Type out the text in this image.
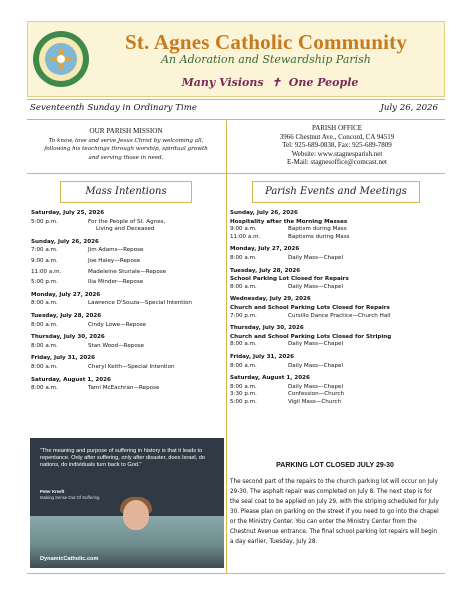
St. Agnes Catholic Community
An Adoration and Stewardship Parish
Many Visions ✝ One People
Seventeenth Sunday in Ordinary Time	July 26, 2026
OUR PARISH MISSION
To know, love and serve Jesus Christ by welcoming all, following his teachings through worship, spiritual growth and serving those in need.
PARISH OFFICE
3966 Chestnut Ave., Concord, CA 94519
Tel: 925-689-0838, Fax: 925-689-7809
Website: www.stagnesparish.net
E-Mail: stagnesoffice@comcast.net
Mass Intentions	Parish Events and Meetings
Saturday, July 25, 2026
5:00 p.m.	For the People of St. Agnes,
Living and Deceased
Sunday, July 26, 2026
7:00 a.m.	Jim Adams—Repose
9:00 a.m.	Joe Haley—Repose
11:00 a.m.	Madeleine Sturiale—Repose
5:00 p.m.	Ilia Minder—Repose
Monday, July 27, 2026
8:00 a.m.	Lawrence D'Souza—Special Intention
Tuesday, July 28, 2026
8:00 a.m.	Cindy Lowe—Repose
Thursday, July 30, 2026
8:00 a.m.	Stan Wood—Repose
Friday, July 31, 2026
8:00 a.m.	Cheryl Keith—Special Intention
Saturday, August 1, 2026
8:00 a.m.	Tami McEachran—Repose
“The meaning and purpose of suffering in history is that it leads to repentance. Only after suffering, only after disaster, does Israel, do nations, do individuals turn back to God.”
Peter Kreeft
Making Sense Out Of Suffering
DynamicCatholic.com
Sunday, July 26, 2026
Hospitality after the Morning Masses
9:00 a.m.	Baptism during Mass
11:00 a.m.	Baptisms during Mass
Monday, July 27, 2026
8:00 a.m.	Daily Mass—Chapel
Tuesday, July 28, 2026
School Parking Lot Closed for Repairs
8:00 a.m.	Daily Mass—Chapel
Wednesday, July 29, 2026
Church and School Parking Lots Closed for Repairs
7:00 p.m.	Cursillo Dance Practice—Church Hall
Thursday, July 30, 2026
Church and School Parking Lots Closed for Striping
8:00 a.m.	Daily Mass—Chapel
Friday, July 31, 2026
8:00 a.m.	Daily Mass—Chapel
Saturday, August 1, 2026
8:00 a.m.	Daily Mass—Chapel
3:30 p.m.	Confession—Church
5:00 p.m.	Vigil Mass—Church
PARKING LOT CLOSED JULY 29-30
The second part of the repairs to the church parking lot will occur on July 29-30. The asphalt repair was completed on July 8. The next step is for the seal coat to be applied on July 29, with the striping scheduled for July 30. Please plan on parking on the street if you need to go into the chapel or the Ministry Center. You can enter the Ministry Center from the Chestnut Avenue entrance. The final school parking lot repairs will begin a day earlier, Tuesday, July 28.
